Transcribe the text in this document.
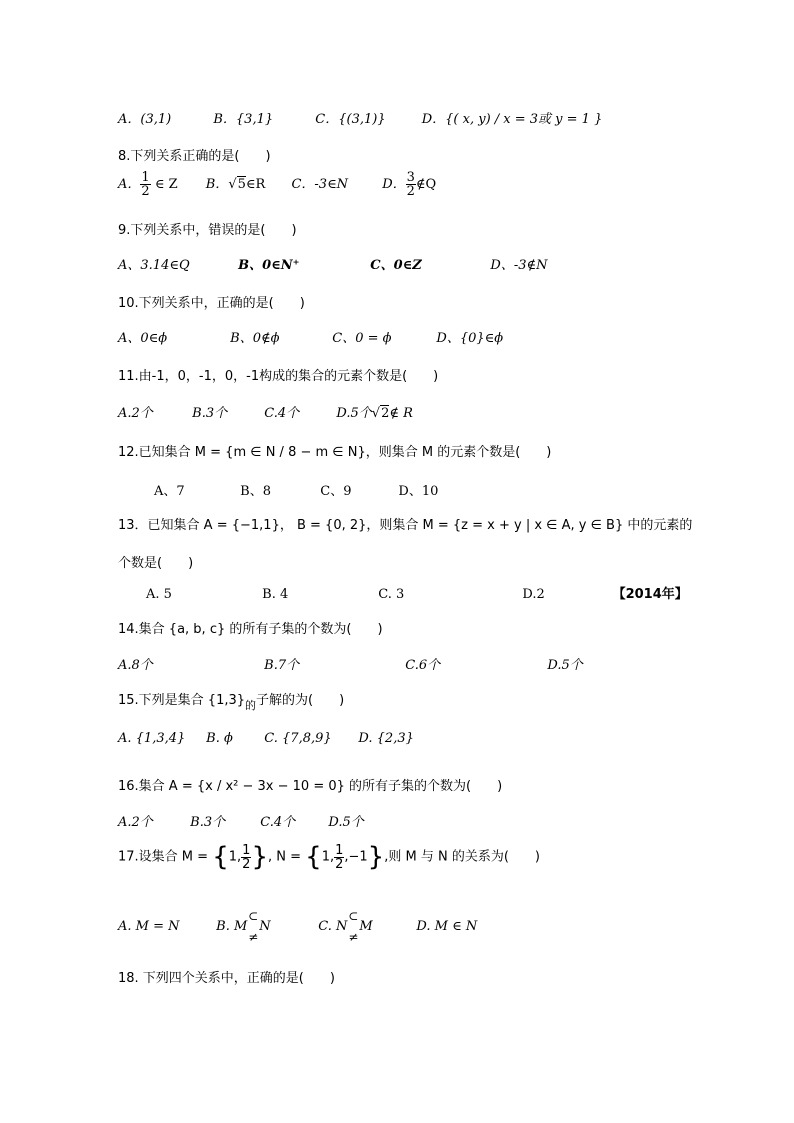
A．(3,1)	B．{3,1}	C．{(3,1)}	D．{( x, y) / x = 3或 y = 1 }
8.下列关系正确的是(　　)
A． $\frac{1}{2}$ ∈ Z B．√5∈R C．-3∈N	D． $\frac{3}{2}$ ∉Q
9.下列关系中，错误的是(　　)
A、3.14∈Q	B、0∈N⁺	C、0∈Z	D、-3∉N
10.下列关系中，正确的是(　　)
A、0∈ϕ	B、0∉ϕ	C、0 = ϕ	D、{0}∈ϕ
11.由-1，0，-1，0，-1构成的集合的元素个数是(　　)
A.2个	B.3个	C.4个	D.5个√2∉ R
12.已知集合 M = {m ∈ N / 8 − m ∈ N}，则集合 M 的元素个数是(　　)
A、7	B、8	C、9	D、10
13．已知集合 A = {−1,1}， B = {0, 2}，则集合 M = {z = x + y | x ∈ A, y ∈ B} 中的元素的
个数是(　　)
A. 5	B. 4	C. 3	D.2	【2014年】
14.集合 {a, b, c} 的所有子集的个数为(　　)
A.8个	B.7个	C.6个	D.5个
15.下列是集合 $\{1,3\}_的$子解的为(　　)
A. {1,3,4} B. ϕ C. {7,8,9} D. {2,3}
16.集合 A = {x / x² − 3x − 10 = 0} 的所有子集的个数为(　　)
A.2个	B.3个	C.4个	D.5个
17.设集合 M = {1, $\frac{1}{2}$ }, N = {1, $\frac{1}{2} ,-1$},则 M 与 N 的关系为(　　)
A. M = N	B. M
⊂
≠
N	C. N
⊂
≠
M	D. M ∈ N
18. 下列四个关系中，正确的是(　　)
